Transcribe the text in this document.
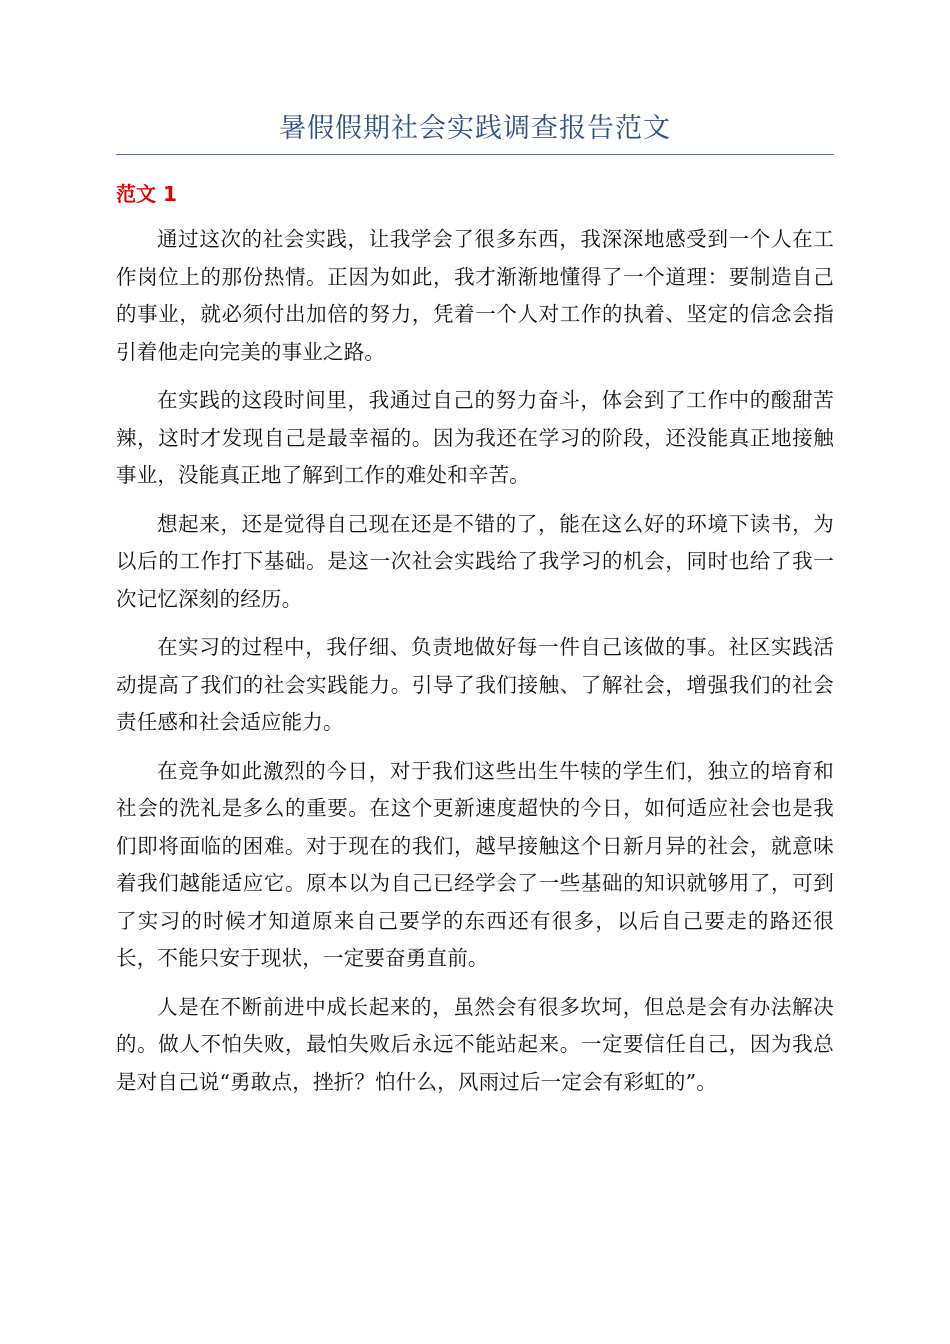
暑假假期社会实践调查报告范文
范文 1

通过这次的社会实践，让我学会了很多东西，我深深地感受到一个人在工作岗位上的那份热情。正因为如此，我才渐渐地懂得了一个道理：要制造自己的事业，就必须付出加倍的努力，凭着一个人对工作的执着、坚定的信念会指引着他走向完美的事业之路。

在实践的这段时间里，我通过自己的努力奋斗，体会到了工作中的酸甜苦辣，这时才发现自己是最幸福的。因为我还在学习的阶段，还没能真正地接触事业，没能真正地了解到工作的难处和辛苦。

想起来，还是觉得自己现在还是不错的了，能在这么好的环境下读书，为以后的工作打下基础。是这一次社会实践给了我学习的机会，同时也给了我一次记忆深刻的经历。

在实习的过程中，我仔细、负责地做好每一件自己该做的事。社区实践活动提高了我们的社会实践能力。引导了我们接触、了解社会，增强我们的社会责任感和社会适应能力。

在竞争如此激烈的今日，对于我们这些出生牛犊的学生们，独立的培育和社会的洗礼是多么的重要。在这个更新速度超快的今日，如何适应社会也是我们即将面临的困难。对于现在的我们，越早接触这个日新月异的社会，就意味着我们越能适应它。原本以为自己已经学会了一些基础的知识就够用了，可到了实习的时候才知道原来自己要学的东西还有很多，以后自己要走的路还很长，不能只安于现状，一定要奋勇直前。

人是在不断前进中成长起来的，虽然会有很多坎坷，但总是会有办法解决的。做人不怕失败，最怕失败后永远不能站起来。一定要信任自己，因为我总是对自己说“勇敢点，挫折？怕什么，风雨过后一定会有彩虹的”。
